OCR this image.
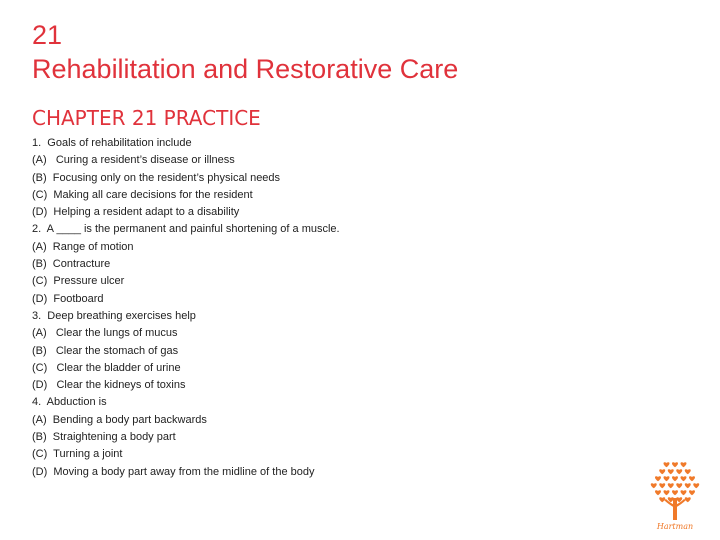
21
Rehabilitation and Restorative Care
CHAPTER 21 PRACTICE
1.  Goals of rehabilitation include
(A)   Curing a resident’s disease or illness
(B)  Focusing only on the resident’s physical needs
(C)  Making all care decisions for the resident
(D)  Helping a resident adapt to a disability
2.  A ____ is the permanent and painful shortening of a muscle.
(A)  Range of motion
(B)  Contracture
(C)  Pressure ulcer
(D)  Footboard
3.  Deep breathing exercises help
(A)   Clear the lungs of mucus
(B)   Clear the stomach of gas
(C)   Clear the bladder of urine
(D)   Clear the kidneys of toxins
4.  Abduction is
(A)  Bending a body part backwards
(B)  Straightening a body part
(C)  Turning a joint
(D)  Moving a body part away from the midline of the body
Hartman
